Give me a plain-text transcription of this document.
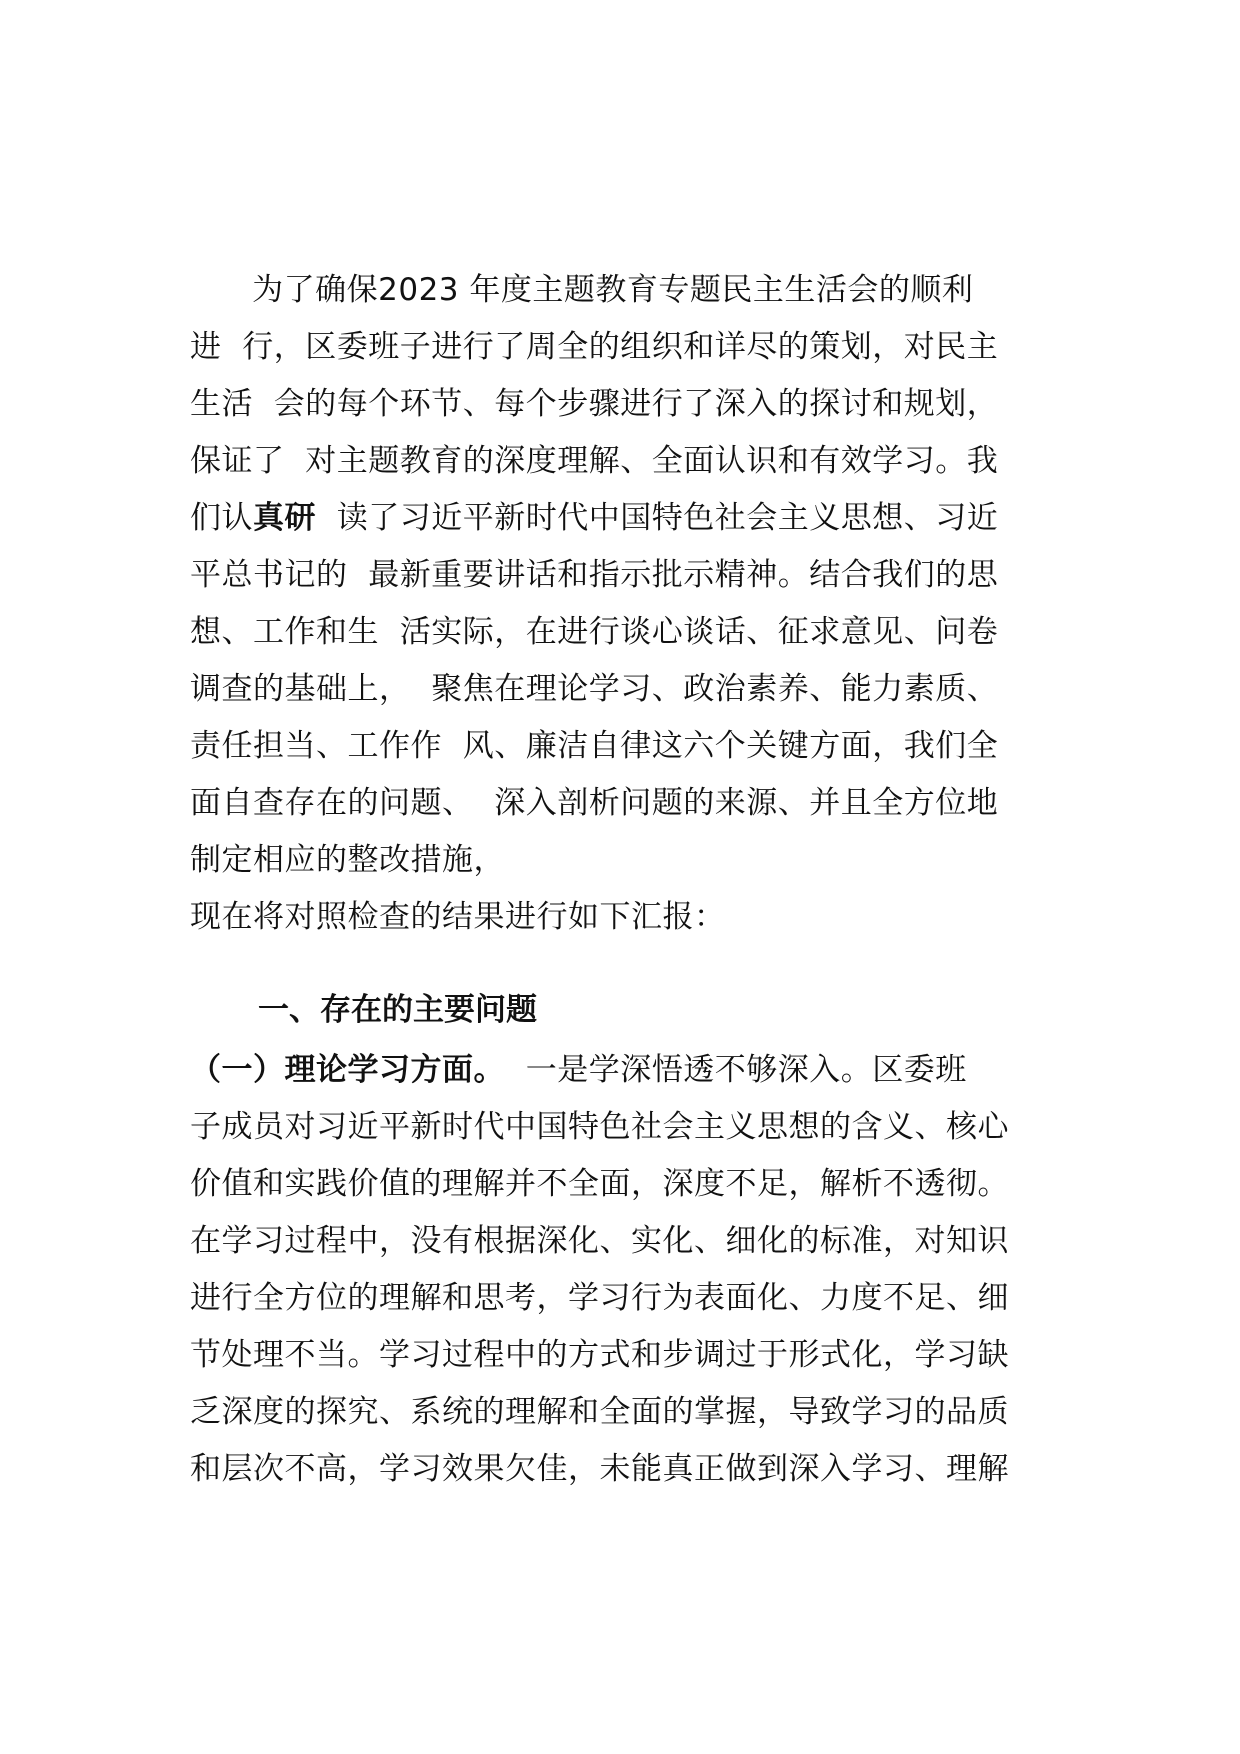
为了确保2023 年度主题教育专题民主生活会的顺利
进  行，区委班子进行了周全的组织和详尽的策划，对民主
生活  会的每个环节、每个步骤进行了深入的探讨和规划，
保证了  对主题教育的深度理解、全面认识和有效学习。我
们认真研  读了习近平新时代中国特色社会主义思想、习近
平总书记的  最新重要讲话和指示批示精神。结合我们的思
想、工作和生  活实际，在进行谈心谈话、征求意见、问卷
调查的基础上，  聚焦在理论学习、政治素养、能力素质、
责任担当、工作作  风、廉洁自律这六个关键方面，我们全
面自查存在的问题、  深入剖析问题的来源、并且全方位地
制定相应的整改措施，
现在将对照检查的结果进行如下汇报：
一、存在的主要问题
（一）理论学习方面。  一是学深悟透不够深入。区委班
子成员对习近平新时代中国特色社会主义思想的含义、核心
价值和实践价值的理解并不全面，深度不足，解析不透彻。
在学习过程中，没有根据深化、实化、细化的标准，对知识
进行全方位的理解和思考，学习行为表面化、力度不足、细
节处理不当。学习过程中的方式和步调过于形式化，学习缺
乏深度的探究、系统的理解和全面的掌握，导致学习的品质
和层次不高，学习效果欠佳，未能真正做到深入学习、理解
